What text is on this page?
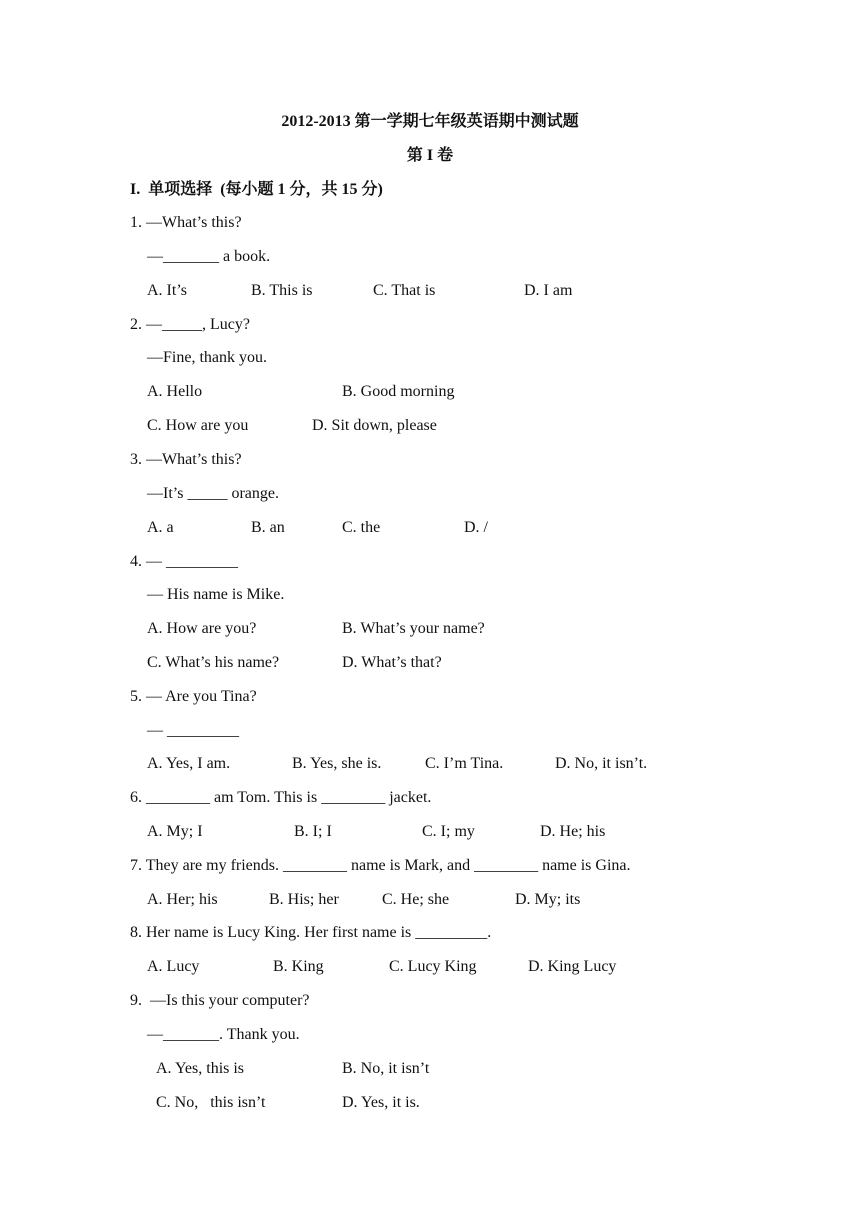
2012-2013 第一学期七年级英语期中测试题
第 I 卷
I.  单项选择  (每小题 1 分，共 15 分)
1. —What’s this?
—_______ a book.
A. It’s	B. This is	C. That is	D. I am
2. —_____, Lucy?
—Fine, thank you.
A. Hello	B. Good morning
C. How are you	D. Sit down, please
3. —What’s this?
—It’s _____ orange.
A. a	B. an	C. the	D. /
4. — _________
— His name is Mike.
A. How are you?	B. What’s your name?
C. What’s his name?	D. What’s that?
5. — Are you Tina?
— _________
A. Yes, I am.	B. Yes, she is.	C. I’m Tina.	D. No, it isn’t.
6. ________ am Tom. This is ________ jacket.
A. My; I	B. I; I	C. I; my	D. He; his
7. They are my friends. ________ name is Mark, and ________ name is Gina.
A. Her; his	B. His; her	C. He; she	D. My; its
8. Her name is Lucy King. Her first name is _________.
A. Lucy	B. King	C. Lucy King	D. King Lucy
9.  —Is this your computer?
—_______. Thank you.
A. Yes, this is	B. No, it isn’t
C. No,   this isn’t	D. Yes, it is.
